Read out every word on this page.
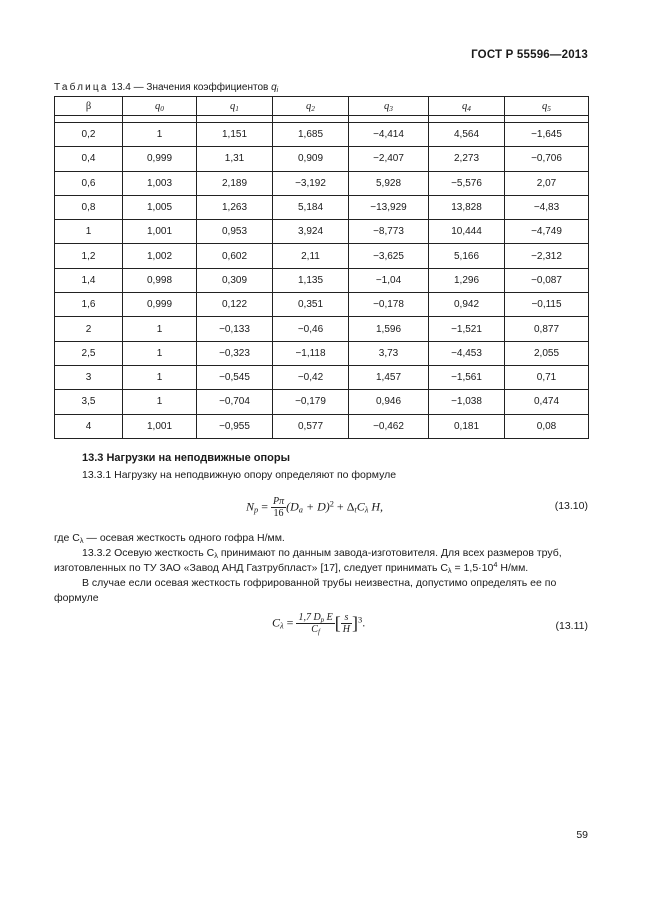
ГОСТ Р 55596—2013
Таблица 13.4 — Значения коэффициентов $q_i$
β	$q_0$	$q_1$	$q_2$	$q_3$	$q_4$	$q_5$

0,2	1	1,151	1,685	−4,414	4,564	−1,645
0,4	0,999	1,31	0,909	−2,407	2,273	−0,706
0,6	1,003	2,189	−3,192	5,928	−5,576	2,07
0,8	1,005	1,263	5,184	−13,929	13,828	−4,83
1	1,001	0,953	3,924	−8,773	10,444	−4,749
1,2	1,002	0,602	2,11	−3,625	5,166	−2,312
1,4	0,998	0,309	1,135	−1,04	1,296	−0,087
1,6	0,999	0,122	0,351	−0,178	0,942	−0,115
2	1	−0,133	−0,46	1,596	−1,521	0,877
2,5	1	−0,323	−1,118	3,73	−4,453	2,055
3	1	−0,545	−0,42	1,457	−1,561	0,71
3,5	1	−0,704	−0,179	0,946	−1,038	0,474
4	1,001	−0,955	0,577	−0,462	0,181	0,08
13.3 Нагрузки на неподвижные опоры
13.3.1 Нагрузку на неподвижную опору определяют по формуле
$N_р = \frac{P\pi}{16} (D_a + D)^2 + \Delta_tC_\lambda$ H,	(13.10)
где $C_\lambda$ — осевая жесткость одного гофра Н/мм.
13.3.2 Осевую жесткость $C_\lambda$ принимают по данным завода-изготовителя. Для всех размеров труб, изготовленных по ТУ ЗАО «Завод АНД Газтрубпласт» [17], следует принимать $C_\lambda = 1,5\cdot 10^4$ Н/мм.
В случае если осевая жесткость гофрированной трубы неизвестна, допустимо определять ее по формуле
$C_\lambda = \frac{1,7 D_р E}{C_f}$ [ $\frac{s}{H} ]^3$.	(13.11)
59
